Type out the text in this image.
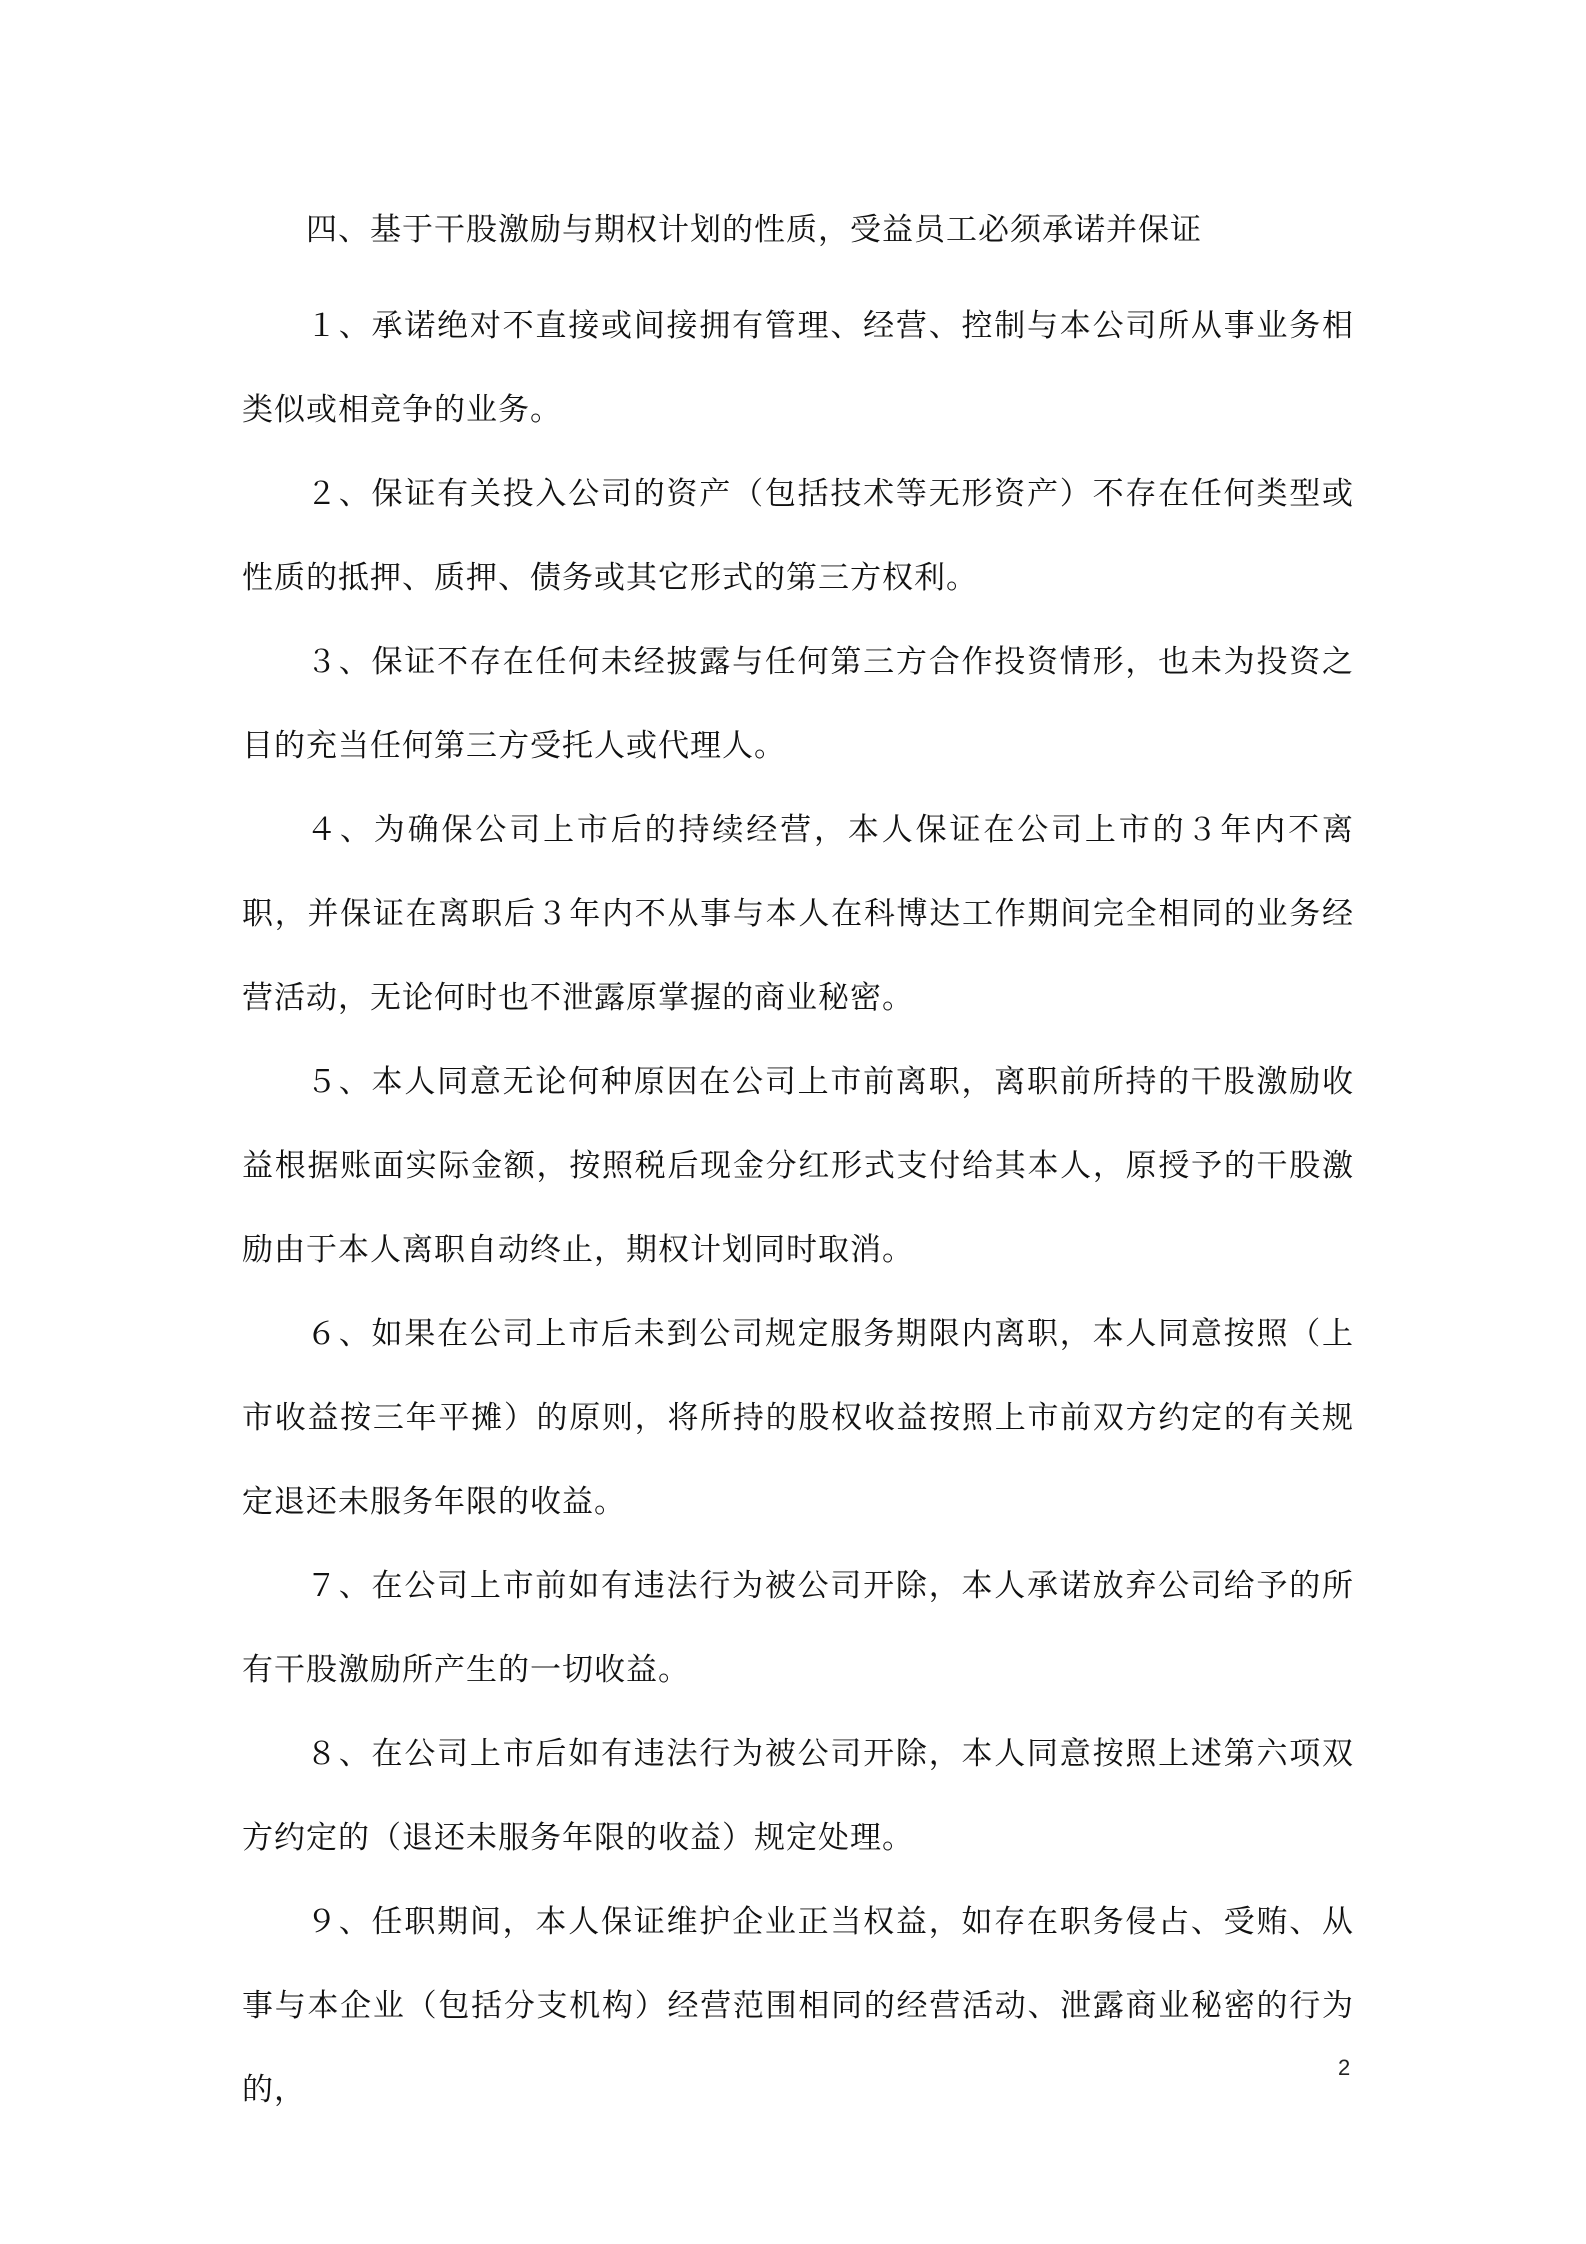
四、基于干股激励与期权计划的性质，受益员工必须承诺并保证

１、承诺绝对不直接或间接拥有管理、经营、控制与本公司所从事业务相类似或相竞争的业务。

２、保证有关投入公司的资产（包括技术等无形资产）不存在任何类型或性质的抵押、质押、债务或其它形式的第三方权利。

３、保证不存在任何未经披露与任何第三方合作投资情形，也未为投资之目的充当任何第三方受托人或代理人。

４、为确保公司上市后的持续经营，本人保证在公司上市的３年内不离职，并保证在离职后３年内不从事与本人在科博达工作期间完全相同的业务经营活动，无论何时也不泄露原掌握的商业秘密。

５、本人同意无论何种原因在公司上市前离职，离职前所持的干股激励收益根据账面实际金额，按照税后现金分红形式支付给其本人，原授予的干股激励由于本人离职自动终止，期权计划同时取消。

６、如果在公司上市后未到公司规定服务期限内离职，本人同意按照（上市收益按三年平摊）的原则，将所持的股权收益按照上市前双方约定的有关规定退还未服务年限的收益。

７、在公司上市前如有违法行为被公司开除，本人承诺放弃公司给予的所有干股激励所产生的一切收益。

８、在公司上市后如有违法行为被公司开除，本人同意按照上述第六项双方约定的（退还未服务年限的收益）规定处理。

９、任职期间，本人保证维护企业正当权益，如存在职务侵占、受贿、从事与本企业（包括分支机构）经营范围相同的经营活动、泄露商业秘密的行为的，

2
